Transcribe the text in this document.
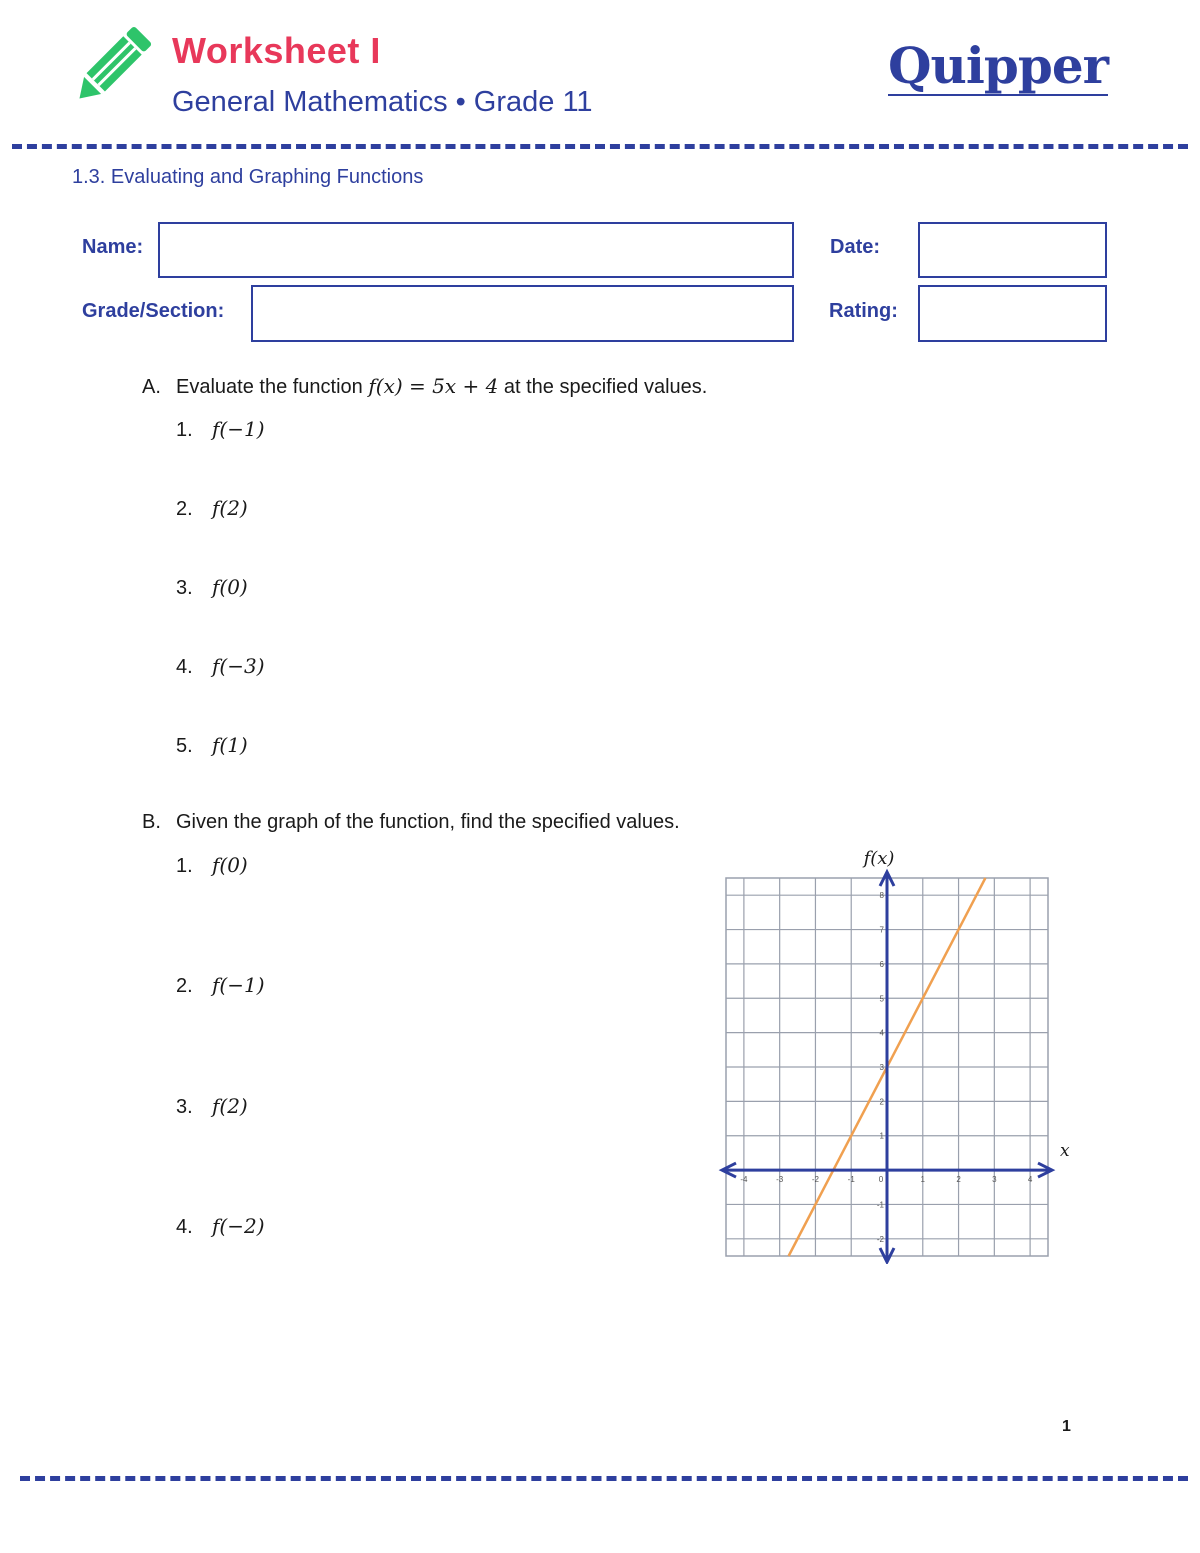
Worksheet I
General Mathematics • Grade 11
Quipper
1.3. Evaluating and Graphing Functions
Name:	Date:
Grade/Section:	Rating:
A. Evaluate the function f(x) = 5x + 4 at the specified values.
1. f(−1)
2. f(2)
3. f(0)
4. f(−3)
5. f(1)
B. Given the graph of the function, find the specified values.
1. f(0)
2. f(−1)
3. f(2)
4. f(−2)
-4	-3	-2	-1	0	1	2	3	4
-2
-1
1
2
3
4
5
6
7
8
x
f(x)
1
